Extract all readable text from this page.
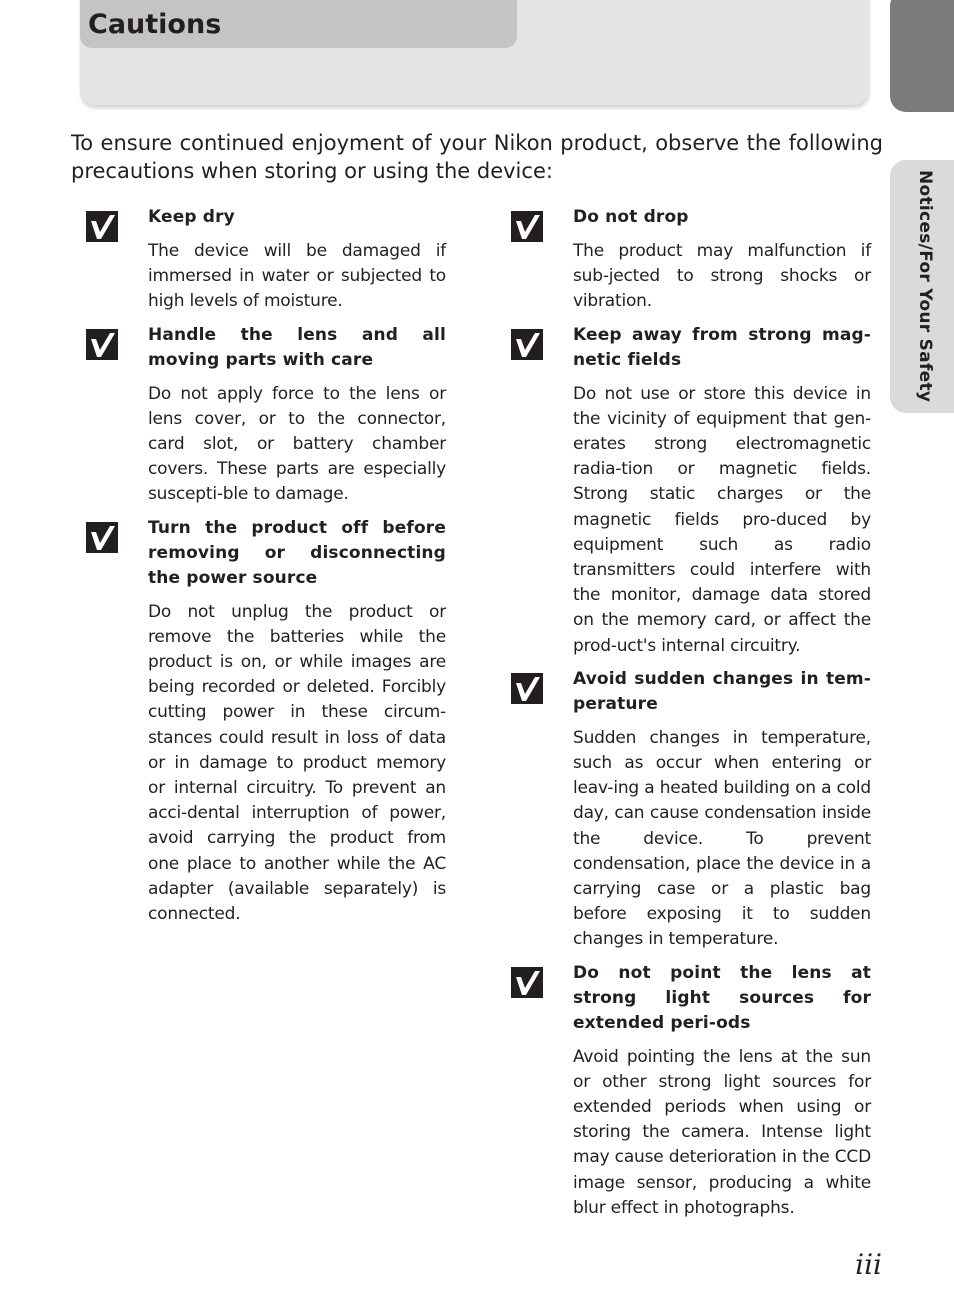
Cautions
Notices/For Your Safety

To ensure continued enjoyment of your Nikon product, observe the following precautions when storing or using the device:

Keep dry

The device will be damaged if immersed in water or subjected to high levels of moisture.

Handle the lens and all moving parts with care

Do not apply force to the lens or lens cover, or to the connector, card slot, or battery chamber covers. These parts are especially suscepti-ble to damage.

Turn the product off before removing or disconnecting the power source

Do not unplug the product or remove the batteries while the product is on, or while images are being recorded or deleted. Forcibly cutting power in these circum-stances could result in loss of data or in damage to product memory or internal circuitry. To prevent an acci-dental interruption of power, avoid carrying the product from one place to another while the AC adapter (available separately) is connected.

Do not drop

The product may malfunction if sub-jected to strong shocks or vibration.

Keep away from strong mag-netic fields

Do not use or store this device in the vicinity of equipment that gen-erates strong electromagnetic radia-tion or magnetic fields. Strong static charges or the magnetic fields pro-duced by equipment such as radio transmitters could interfere with the monitor, damage data stored on the memory card, or affect the prod-uct's internal circuitry.

Avoid sudden changes in tem-perature

Sudden changes in temperature, such as occur when entering or leav-ing a heated building on a cold day, can cause condensation inside the device. To prevent condensation, place the device in a carrying case or a plastic bag before exposing it to sudden changes in temperature.

Do not point the lens at strong light sources for extended peri-ods

Avoid pointing the lens at the sun or other strong light sources for extended periods when using or storing the camera. Intense light may cause deterioration in the CCD image sensor, producing a white blur effect in photographs.

iii
